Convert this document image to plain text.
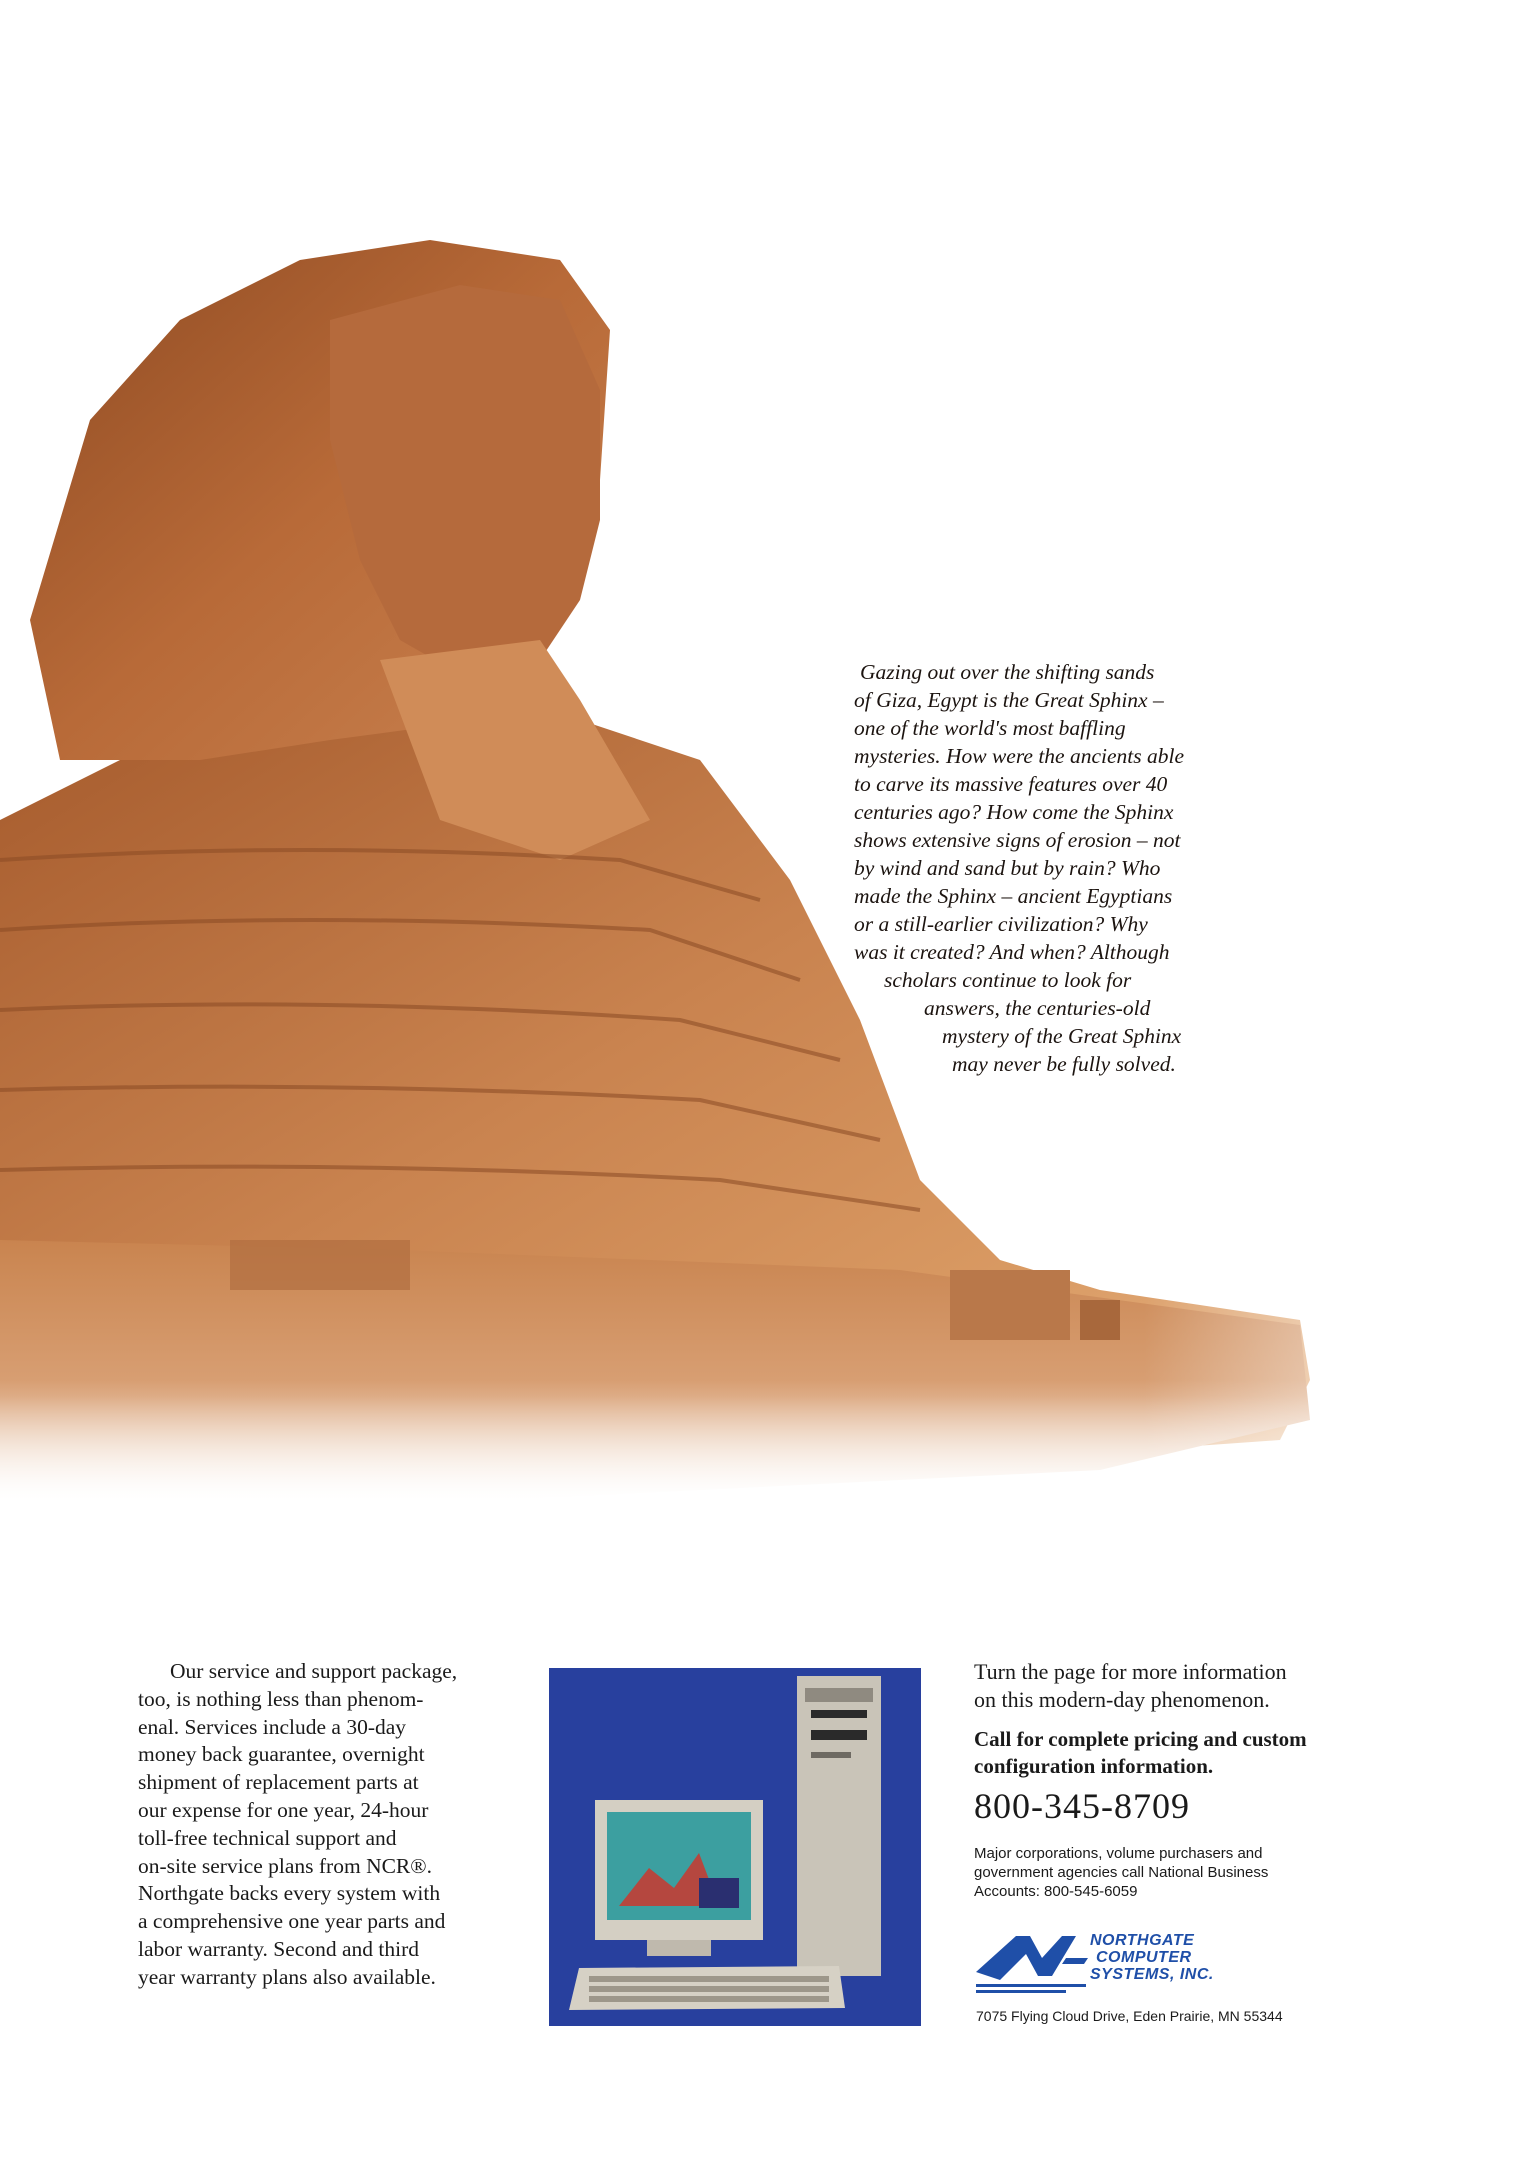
Gazing out over the shifting sands
of Giza, Egypt is the Great Sphinx –
one of the world's most baffling
mysteries. How were the ancients able
to carve its massive features over 40
centuries ago? How come the Sphinx
shows extensive signs of erosion – not
by wind and sand but by rain? Who
made the Sphinx – ancient Egyptians
or a still-earlier civilization? Why
was it created? And when? Although
scholars continue to look for
answers, the centuries-old
mystery of the Great Sphinx
may never be fully solved.
Our service and support package,
too, is nothing less than phenom-
enal. Services include a 30-day
money back guarantee, overnight
shipment of replacement parts at
our expense for one year, 24-hour
toll-free technical support and
on-site service plans from NCR®.
Northgate backs every system with
a comprehensive one year parts and
labor warranty. Second and third
year warranty plans also available.
Turn the page for more information
on this modern-day phenomenon.
Call for complete pricing and custom
configuration information.
800-345-8709
Major corporations, volume purchasers and
government agencies call National Business
Accounts: 800-545-6059
NORTHGATE
COMPUTER
SYSTEMS, INC.
7075 Flying Cloud Drive, Eden Prairie, MN 55344
